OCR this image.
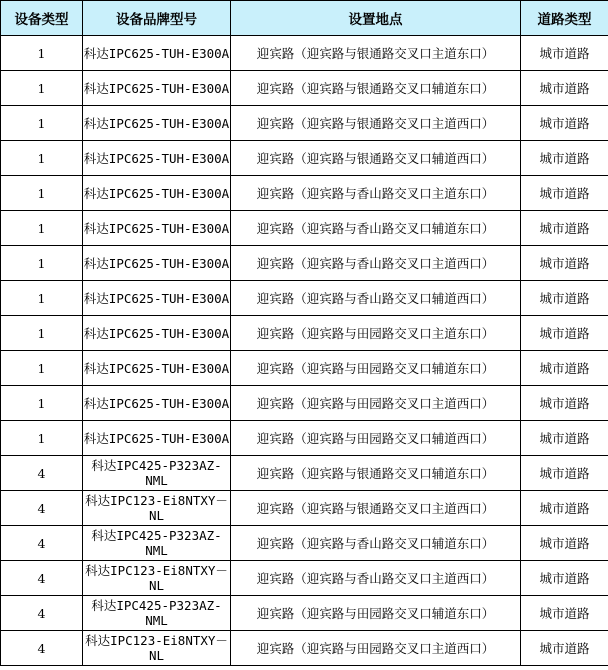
设备类型	设备品牌型号	设置地点	道路类型
1	科达IPC625-TUH-E300A	迎宾路（迎宾路与银通路交叉口主道东口）	城市道路
1	科达IPC625-TUH-E300A	迎宾路（迎宾路与银通路交叉口辅道东口）	城市道路
1	科达IPC625-TUH-E300A	迎宾路（迎宾路与银通路交叉口主道西口）	城市道路
1	科达IPC625-TUH-E300A	迎宾路（迎宾路与银通路交叉口辅道西口）	城市道路
1	科达IPC625-TUH-E300A	迎宾路（迎宾路与香山路交叉口主道东口）	城市道路
1	科达IPC625-TUH-E300A	迎宾路（迎宾路与香山路交叉口辅道东口）	城市道路
1	科达IPC625-TUH-E300A	迎宾路（迎宾路与香山路交叉口主道西口）	城市道路
1	科达IPC625-TUH-E300A	迎宾路（迎宾路与香山路交叉口辅道西口）	城市道路
1	科达IPC625-TUH-E300A	迎宾路（迎宾路与田园路交叉口主道东口）	城市道路
1	科达IPC625-TUH-E300A	迎宾路（迎宾路与田园路交叉口辅道东口）	城市道路
1	科达IPC625-TUH-E300A	迎宾路（迎宾路与田园路交叉口主道西口）	城市道路
1	科达IPC625-TUH-E300A	迎宾路（迎宾路与田园路交叉口辅道西口）	城市道路
4	科达IPC425-P323AZ-NML	迎宾路（迎宾路与银通路交叉口辅道东口）	城市道路
4	科达IPC123-Ei8NTXY－NL	迎宾路（迎宾路与银通路交叉口主道西口）	城市道路
4	科达IPC425-P323AZ-NML	迎宾路（迎宾路与香山路交叉口辅道东口）	城市道路
4	科达IPC123-Ei8NTXY－NL	迎宾路（迎宾路与香山路交叉口主道西口）	城市道路
4	科达IPC425-P323AZ-NML	迎宾路（迎宾路与田园路交叉口辅道东口）	城市道路
4	科达IPC123-Ei8NTXY－NL	迎宾路（迎宾路与田园路交叉口主道西口）	城市道路
